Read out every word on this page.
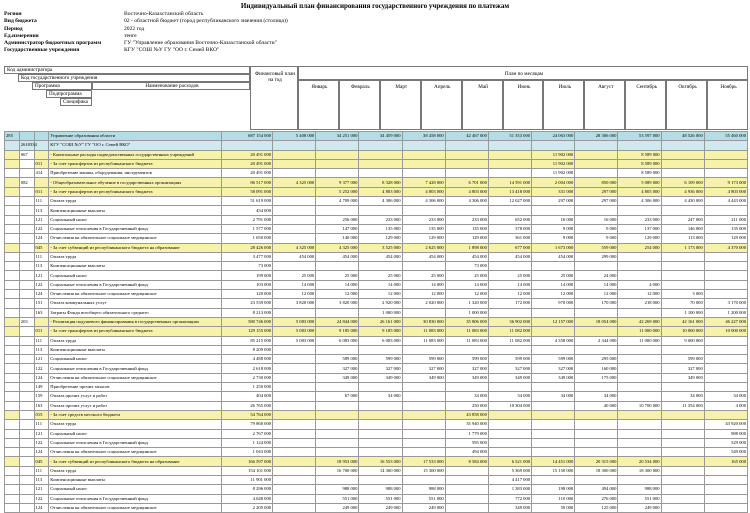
Индивидуальный план финансирования государственного учреждения по платежам
Регион	Восточно-Казахстанский область
Вид бюджета	02 - областной бюджет (город республиканского значения (столица))
Период	2022 год
Ед.измерения	тенге
Администратор бюджетных программ	ГУ "Управление образования Восточно-Казахстанской области"
Государственные учреждения	КГУ "СОШ №У ГУ "ОО г. Семей ВКО"
Код администратора
Код государственного учреждения
Программа	Наименование расходов
Подпрограмма
Специфика
Финансовый план на год
План по месяцам
Январь	Февраль	Март	Апрель	Май	Июнь	Июль	Август	Сентябрь	Октябрь	Ноябрь
285			Управление образования области	687 154 000	5 408 000	34 251 000	34 459 000	38 458 000	42 467 000	51 353 000	24 063 000	28 306 000	53 597 000	48 526 000	55 460 000
	2618334		КГУ "СОШ №У" ГУ "ОО г. Семей ВКО"												
	067		- Капитальные расходы подведомственных государственных учреждений	20 491 000							11 902 000		8 589 000		
		011	- За счет трансфертов из республиканского бюджета	20 491 000							11 902 000		8 589 000		
		414	Приобретение машин, оборудования, инструментов	20 491 000							11 902 000		8 589 000		
	082		- Общеобразовательное обучение в государственных организациях	86 517 000	4 325 000	9 377 000	8 328 000	7 428 000	6 701 000	14 591 000	2 004 000	850 000	5 089 000	6 109 000	9 173 000
		011	- За счет трансфертов из республиканского бюджета	58 091 000		5 252 000	4 803 000	4 803 000	4 803 000	13 418 000	331 000	297 000	4 803 000	4 936 000	4 803 000
		111	Оплата труда	51 619 000		4 709 000	4 306 000	4 306 000	4 306 000	12 027 000	297 000	297 000	4 306 000	4 430 000	4 443 000
		113	Компенсационные выплаты	454 000											
		121	Социальный налог	2 791 000		256 000	233 000	233 000	233 000	652 000	16 000	16 000	233 000	247 000	211 000
		122	Социальные отчисления в Государственный фонд	1 577 000		147 000	135 000	135 000	135 000	378 000	9 000	9 000	137 000	146 000	135 000
		124	Отчисления на обязательное социальное медицинское	1 650 000		140 000	129 000	129 000	129 000	361 000	9 000	9 000	129 000	113 000	129 000
		045	- За счет субвенций из республиканского бюджета на образование	28 426 000	4 325 000	4 325 000	3 525 000	2 625 000	1 898 000	677 000	1 673 000	559 000	254 000	1 173 000	4 370 000
		111	Оплата труда	3 477 000	454 000	454 000	454 000	454 000	454 000	454 000	454 000	299 000			
		113	Компенсационные выплаты	73 000					73 000						
		121	Социальный налог	199 000	25 000	25 000	25 000	25 000	25 000	25 000	25 000	24 000			
		122	Социальные отчисления в Государственный фонд	103 000	14 000	14 000	14 000	14 000	14 000	14 000	14 000	14 000	4 000		
		124	Отчисления на обязательное социальное медицинское	120 000	12 000	12 000	12 000	12 000	12 000	12 000	12 000	12 000	12 000	3 000	
		151	Оплата коммунальных услуг	23 539 000	3 820 000	3 820 000	2 920 000	2 020 000	1 320 000	172 000	970 000	170 000	218 000	70 000	3 170 000
		163	Затраты Фонда всеобщего обязательного среднего	8 213 000			1 000 000		1 000 000					1 100 000	1 200 000
	203		- Реализация подушевого финансирования в государственных организациях	580 746 000	5 083 000	24 844 000	26 161 000	30 830 000	35 806 000	36 902 000	12 157 000	18 054 000	42 269 000	42 161 000	46 227 000
		011	- За счет трансфертов из республиканского бюджета	129 155 000	5 083 000	9 185 000	9 185 000	11 083 000	11 083 000	11 082 000			11 000 000	10 000 000	10 000 000
		111	Оплата труда	85 215 000	5 083 000	6 083 000	6 083 000	11 083 000	11 083 000	11 082 000	4 358 000	2 344 000	11 000 000	9 000 000	
		113	Компенсационные выплаты	8 209 000											
		121	Социальный налог	4 488 000		589 000	599 000	599 000	599 000	599 000	599 000	295 000		599 000	
		122	Социальные отчисления в Государственный фонд	2 618 000		327 000	327 000	327 000	327 000	327 000	327 000	160 000		327 000	
		124	Отчисления на обязательное социальное медицинское	2 730 000		349 000	349 000	349 000	349 000	349 000	349 000	175 000		349 000	
		149	Приобретение прочих запасов	1 250 000											
		159	Оплата прочих услуг и работ	404 000		67 000	34 000		34 000	34 000	34 000	34 000		34 000	34 000
		163	Оплата прочих услуг и работ	26 765 000					250 000	10 304 000		40 000	10 700 000	11 354 000	4 000
		015	- За счет средств местного бюджета	54 764 000					43 858 000						
		111	Оплата труда	79 860 000					35 940 000						43 920 000
		121	Социальный налог	2 767 000					1 779 000						988 000
		122	Социальные отчисления в Государственный фонд	1 124 000					595 000						529 000
		124	Отчисления на обязательное социальное медицинское	1 043 000					494 000						549 000
		045	- За счет субвенций из республиканского бюджета на образование	166 597 000		18 953 000	16 553 000	17 533 000	8 584 000	6 521 000	14 451 000	20 315 000	20 534 000		165 000
		111	Оплата труда	154 101 000		16 700 000	14 300 000	15 300 000		5 369 000	15 150 000	18 300 000	18 300 000		
		113	Компенсационные выплаты	11 901 000						4 417 000					
		121	Социальный налог	8 296 000		988 000	988 000	988 000		1 383 000	198 000	494 000	988 000		
		122	Социальные отчисления в Государственный фонд	4 648 000		551 000	551 000	551 000		772 000	110 000	276 000	551 000		
		124	Отчисления на обязательное социальное медицинское	2 205 000		249 000	249 000	249 000		349 000	50 000	125 000	249 000		
